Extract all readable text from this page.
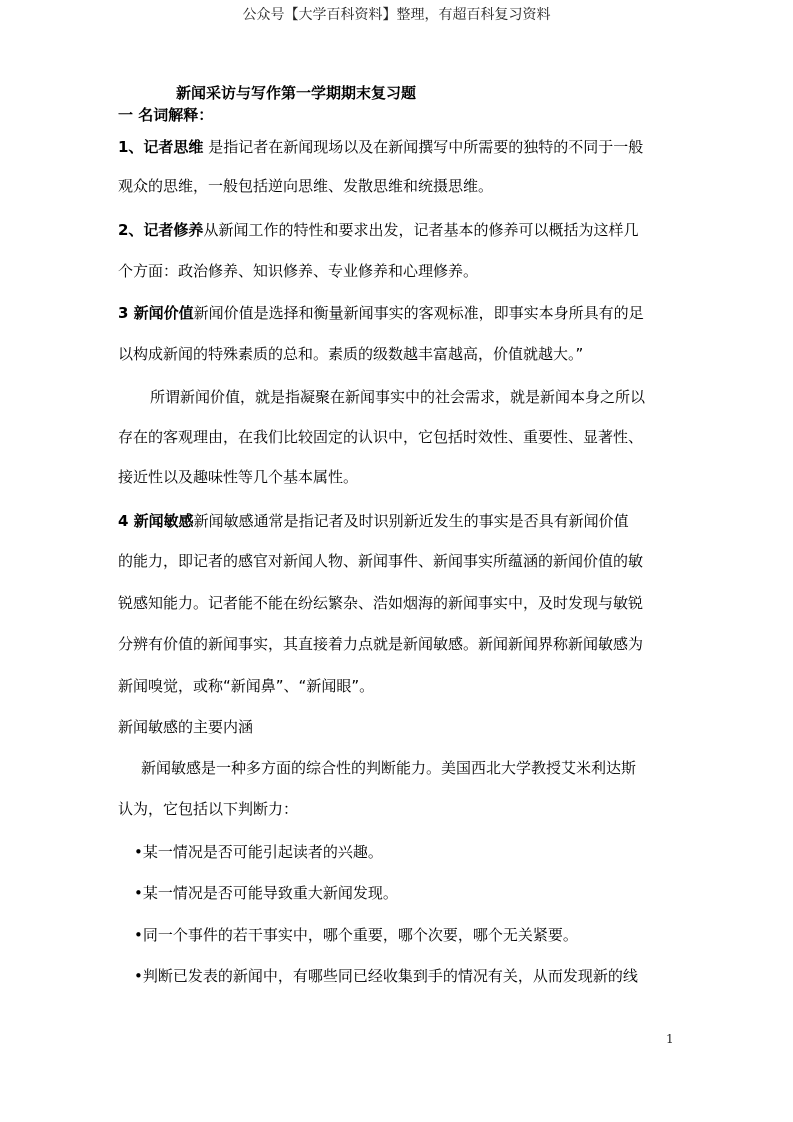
公众号【大学百科资料】整理，有超百科复习资料
新闻采访与写作第一学期期末复习题
一 名词解释：
1、记者思维 是指记者在新闻现场以及在新闻撰写中所需要的独特的不同于一般
观众的思维，一般包括逆向思维、发散思维和统摄思维。
2、记者修养从新闻工作的特性和要求出发，记者基本的修养可以概括为这样几
个方面：政治修养、知识修养、专业修养和心理修养。
3 新闻价值新闻价值是选择和衡量新闻事实的客观标准，即事实本身所具有的足
以构成新闻的特殊素质的总和。素质的级数越丰富越高，价值就越大。”
所谓新闻价值，就是指凝聚在新闻事实中的社会需求，就是新闻本身之所以
存在的客观理由，在我们比较固定的认识中，它包括时效性、重要性、显著性、
接近性以及趣味性等几个基本属性。
4 新闻敏感新闻敏感通常是指记者及时识别新近发生的事实是否具有新闻价值
的能力，即记者的感官对新闻人物、新闻事件、新闻事实所蕴涵的新闻价值的敏
锐感知能力。记者能不能在纷纭繁杂、浩如烟海的新闻事实中，及时发现与敏锐
分辨有价值的新闻事实，其直接着力点就是新闻敏感。新闻新闻界称新闻敏感为
新闻嗅觉，或称“新闻鼻”、“新闻眼”。
新闻敏感的主要内涵
新闻敏感是一种多方面的综合性的判断能力。美国西北大学教授艾米利达斯
认为，它包括以下判断力：
•某一情况是否可能引起读者的兴趣。
•某一情况是否可能导致重大新闻发现。
•同一个事件的若干事实中，哪个重要，哪个次要，哪个无关紧要。
•判断已发表的新闻中，有哪些同已经收集到手的情况有关，从而发现新的线
1
